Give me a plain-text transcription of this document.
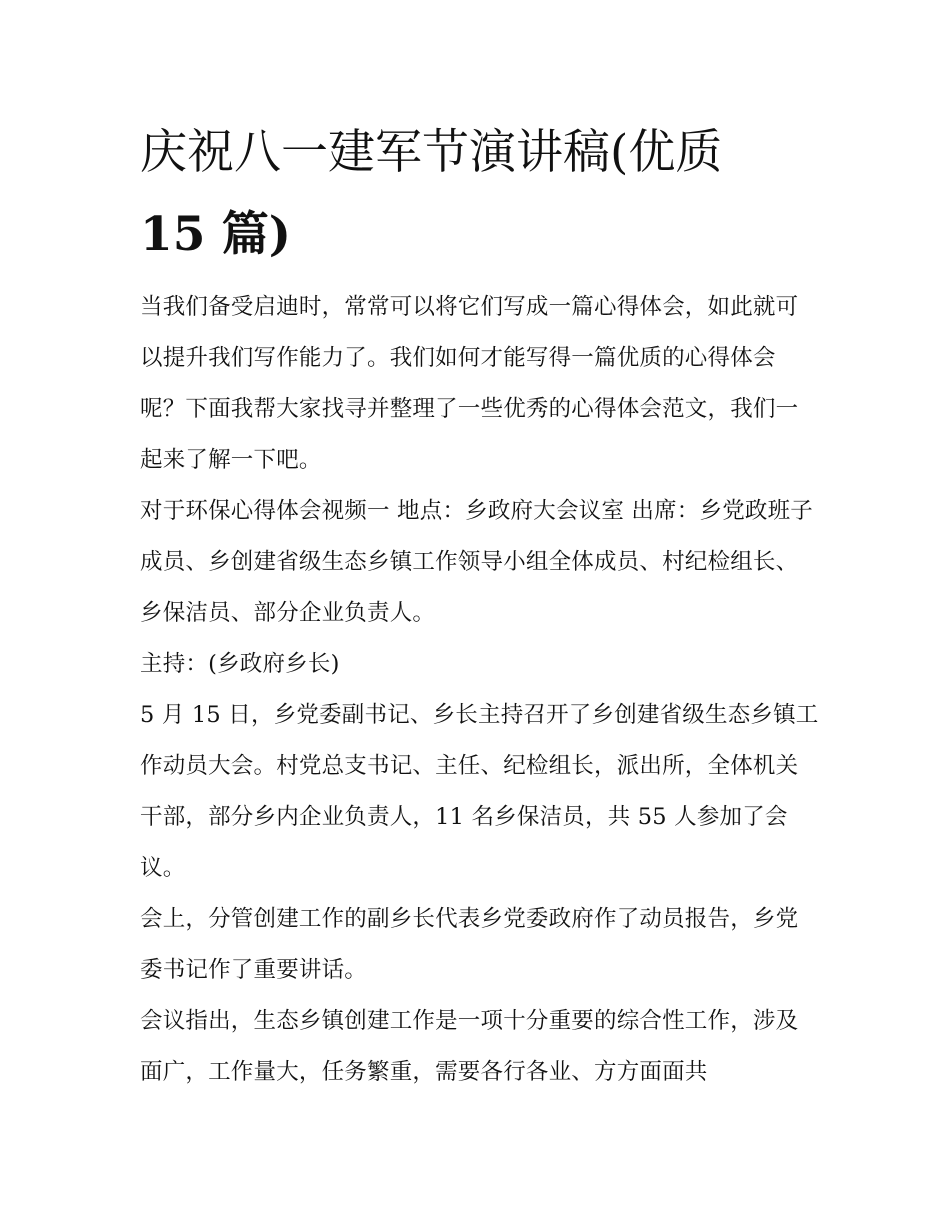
庆祝八一建军节演讲稿(优质
15 篇)

当我们备受启迪时，常常可以将它们写成一篇心得体会，如此就可以提升我们写作能力了。我们如何才能写得一篇优质的心得体会呢？下面我帮大家找寻并整理了一些优秀的心得体会范文，我们一起来了解一下吧。

对于环保心得体会视频一 地点：乡政府大会议室 出席：乡党政班子成员、乡创建省级生态乡镇工作领导小组全体成员、村纪检组长、乡保洁员、部分企业负责人。

主持：(乡政府乡长)

5 月 15 日，乡党委副书记、乡长主持召开了乡创建省级生态乡镇工作动员大会。村党总支书记、主任、纪检组长，派出所，全体机关干部，部分乡内企业负责人，11 名乡保洁员，共 55 人参加了会议。

会上，分管创建工作的副乡长代表乡党委政府作了动员报告，乡党委书记作了重要讲话。

会议指出，生态乡镇创建工作是一项十分重要的综合性工作，涉及面广，工作量大，任务繁重，需要各行各业、方方面面共
